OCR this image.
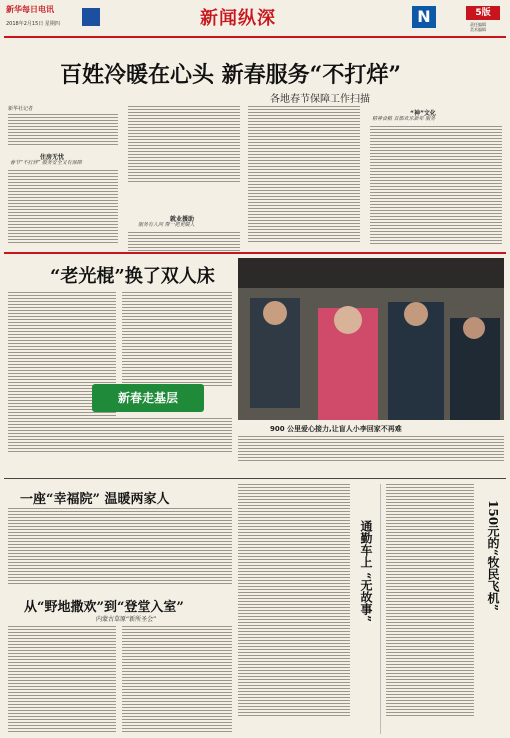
新华每日电讯
2018年2月15日 星期四	新闻纵深	N	5版
责任编辑
美术编辑
百姓冷暖在心头 新春服务“不打烊”
各地春节保障工作扫描
新华社记者
住房无忧
春节“不打烊” 服务安全又有保障
就业援助
服务有人问 帮一把更暖人
“神”文化
精神食粮 首都欢乐新年 服务
“老光棍”换了双人床
新春走基层
900 公里爱心接力,让盲人小李回家不再难
一座“幸福院” 温暖两家人
从“野地撒欢”到“登堂入室”
内蒙古草原“新所圣会”
通勤车上 “无故事”	150元的“牧民飞机”
